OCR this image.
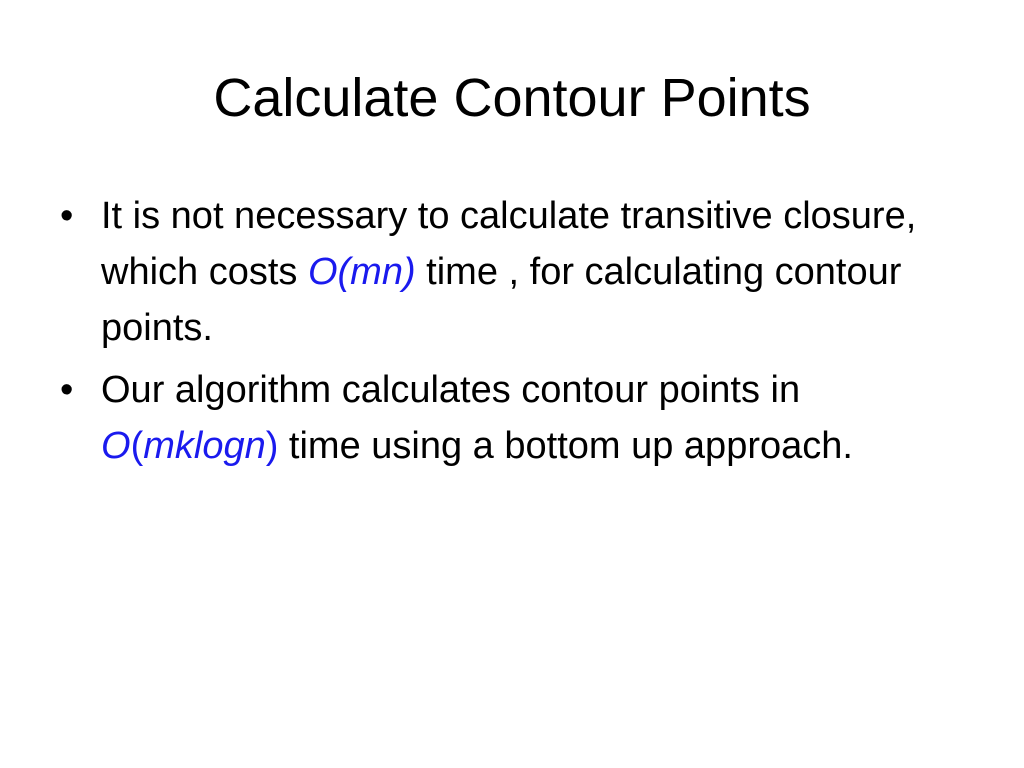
Calculate Contour Points
• It is not necessary to calculate transitive closure, which costs O(mn) time , for calculating contour points.
• Our algorithm calculates contour points in O(mklogn) time using a bottom up approach.
